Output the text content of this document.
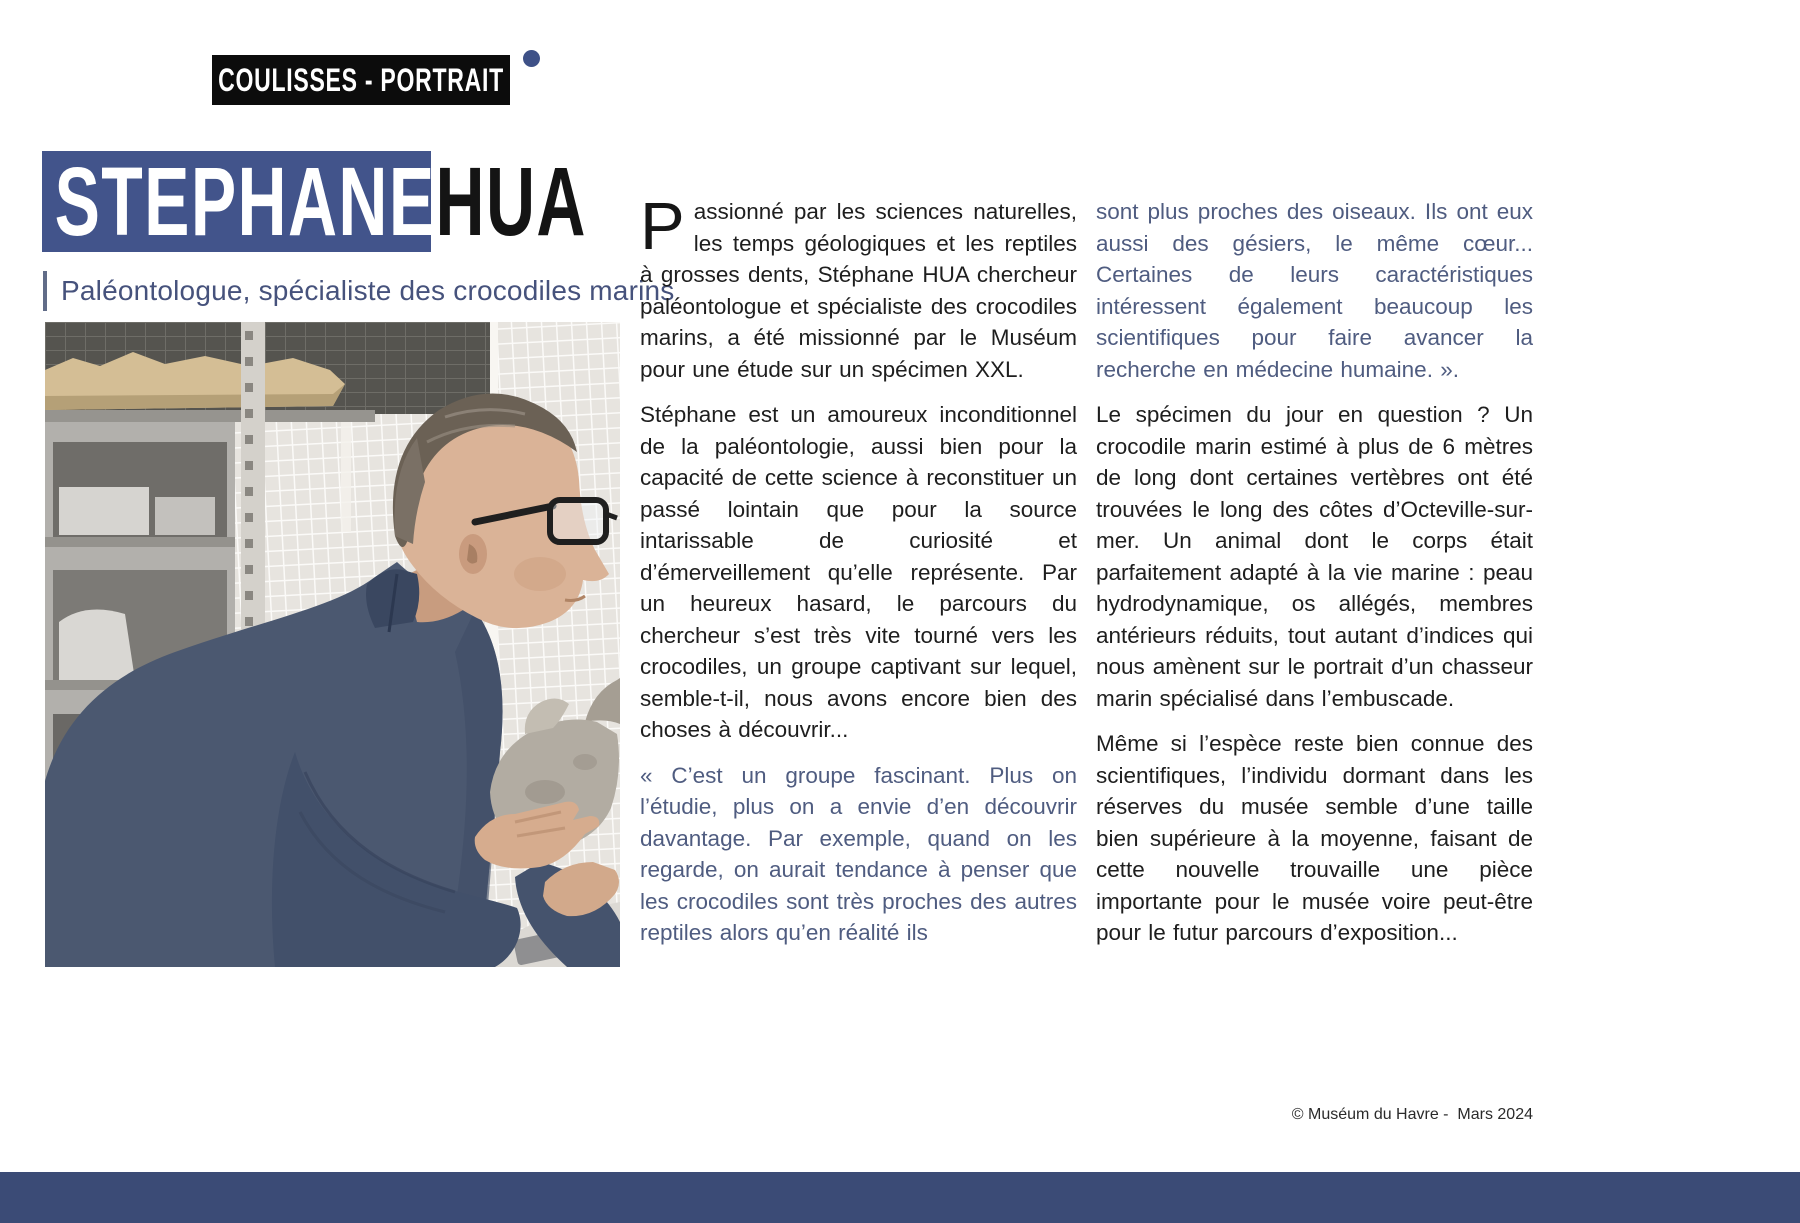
[ COULISSES - PORTRAIT ]
STEPHANEHUA
Paléontologue, spécialiste des crocodiles marins

Passionné par les sciences naturelles, les temps géologiques et les reptiles à grosses dents, Stéphane HUA chercheur paléontologue et spécialiste des crocodiles marins, a été missionné par le Muséum pour une étude sur un spécimen XXL.

Stéphane est un amoureux inconditionnel de la paléontologie, aussi bien pour la capacité de cette science à reconstituer un passé lointain que pour la source intarissable de curiosité et d’émerveillement qu’elle représente. Par un heureux hasard, le parcours du chercheur s’est très vite tourné vers les crocodiles, un groupe captivant sur lequel, semble-t-il, nous avons encore bien des choses à découvrir...

« C’est un groupe fascinant. Plus on l’étudie, plus on a envie d’en découvrir davantage. Par exemple, quand on les regarde, on aurait tendance à penser que les crocodiles sont très proches des autres reptiles alors qu’en réalité ils

sont plus proches des oiseaux. Ils ont eux aussi des gésiers, le même cœur... Certaines de leurs caractéristiques intéressent également beaucoup les scientifiques pour faire avancer la recherche en médecine humaine. ».

Le spécimen du jour en question ? Un crocodile marin estimé à plus de 6 mètres de long dont certaines vertèbres ont été trouvées le long des côtes d’Octeville-sur-mer. Un animal dont le corps était parfaitement adapté à la vie marine : peau hydrodynamique, os allégés, membres antérieurs réduits, tout autant d’indices qui nous amènent sur le portrait d’un chasseur marin spécialisé dans l’embuscade.

Même si l’espèce reste bien connue des scientifiques, l’individu dormant dans les réserves du musée semble d’une taille bien supérieure à la moyenne, faisant de cette nouvelle trouvaille une pièce importante pour le musée voire peut-être pour le futur parcours d’exposition...

© Muséum du Havre -  Mars 2024
